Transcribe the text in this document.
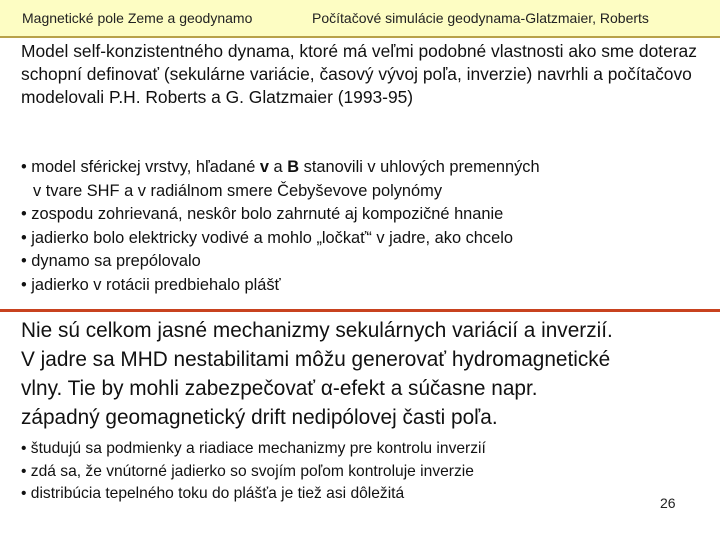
Magnetické pole Zeme a geodynamo	Počítačové simulácie geodynama-Glatzmaier, Roberts

Model self-konzistentného dynama, ktoré má veľmi podobné vlastnosti ako sme doteraz schopní definovať (sekulárne variácie, časový vývoj poľa, inverzie) navrhli a počítačovo modelovali P.H. Roberts a G. Glatzmaier (1993-95)

• model sférickej vrstvy, hľadané v a B stanovili v uhlových premenných
v tvare SHF a v radiálnom smere Čebyševove polynómy
• zospodu zohrievaná, neskôr bolo zahrnuté aj kompozičné hnanie
• jadierko bolo elektricky vodivé a mohlo „ločkať“ v jadre, ako chcelo
• dynamo sa prepólovalo
• jadierko v rotácii predbiehalo plášť
Nie sú celkom jasné mechanizmy sekulárnych variácií a inverzií.
V jadre sa MHD nestabilitami môžu generovať hydromagnetické
vlny. Tie by mohli zabezpečovať α-efekt a súčasne napr.
západný geomagnetický drift nedipólovej časti poľa.
• študujú sa podmienky a riadiace mechanizmy pre kontrolu inverzií
• zdá sa, že vnútorné jadierko so svojím poľom kontroluje inverzie
• distribúcia tepelného toku do plášťa je tiež asi dôležitá
26
